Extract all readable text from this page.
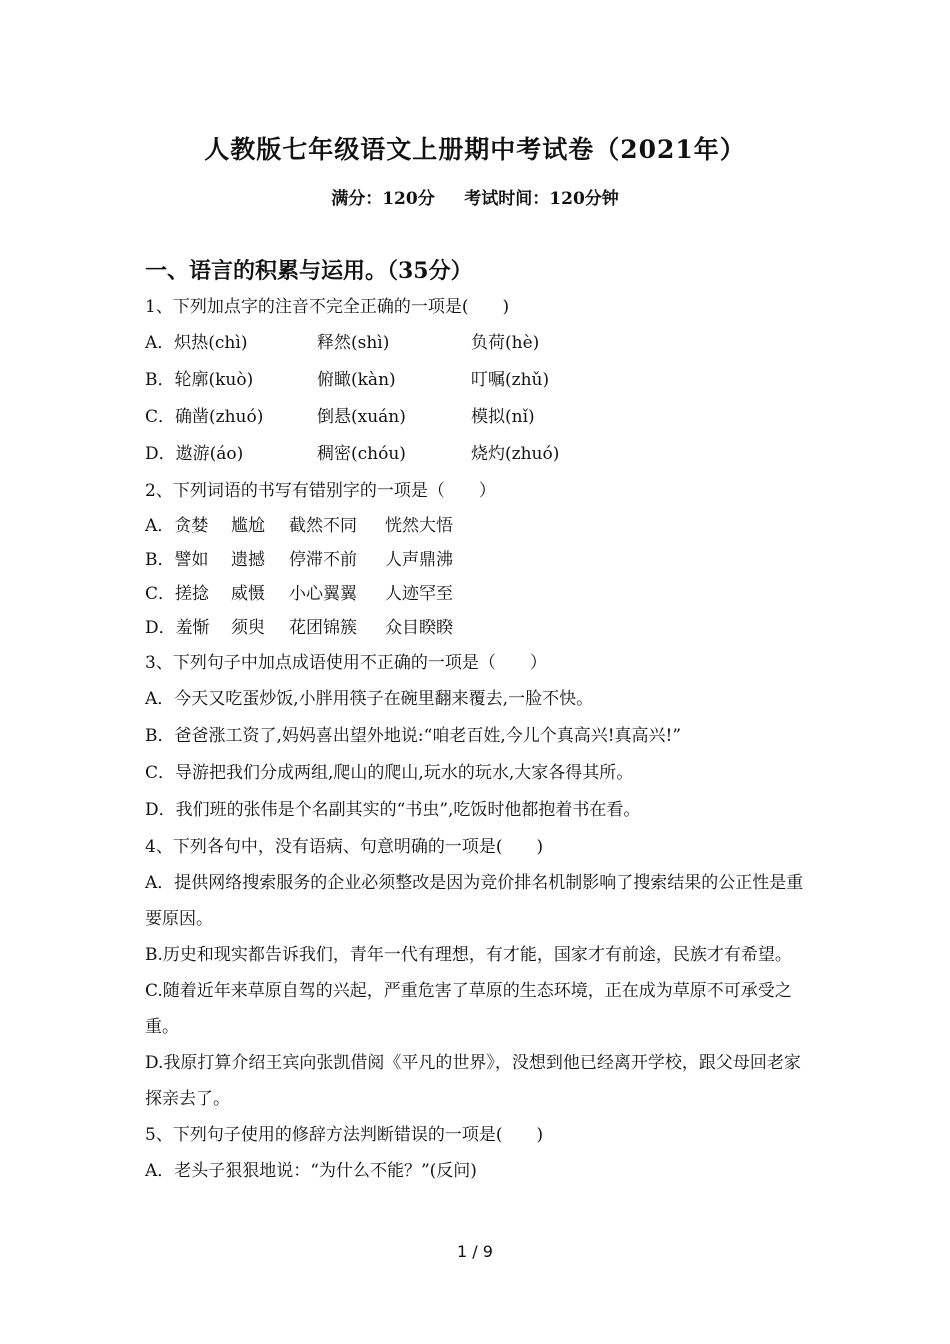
人教版七年级语文上册期中考试卷（2021年）
满分：120分     考试时间：120分钟
一、语言的积累与运用。（35分）
1、下列加点字的注音不完全正确的一项是(　　)
A．炽热(chì)	释然(shì)	负荷(hè)
B．轮廓(kuò)	俯瞰(kàn)	叮嘱(zhǔ)
C．确凿(zhuó)	倒悬(xuán)	模拟(nǐ)
D．遨游(áo)	稠密(chóu)	烧灼(zhuó)
2、下列词语的书写有错别字的一项是（　　）
A．贪婪 尴尬 截然不同 恍然大悟
B．譬如 遗撼 停滞不前 人声鼎沸
C．搓捻 威慑 小心翼翼 人迹罕至
D．羞惭 须臾 花团锦簇 众目睽睽
3、下列句子中加点成语使用不正确的一项是（　　）
A．今天又吃蛋炒饭,小胖用筷子在碗里翻来覆去,一脸不快。
B．爸爸涨工资了,妈妈喜出望外地说:“咱老百姓,今儿个真高兴!真高兴!”
C．导游把我们分成两组,爬山的爬山,玩水的玩水,大家各得其所。
D．我们班的张伟是个名副其实的“书虫”,吃饭时他都抱着书在看。
4、下列各句中，没有语病、句意明确的一项是(　　)
A．提供网络搜索服务的企业必须整改是因为竞价排名机制影响了搜索结果的公正性是重要原因。
B.历史和现实都告诉我们，青年一代有理想，有才能，国家才有前途，民族才有希望。
C.随着近年来草原自驾的兴起，严重危害了草原的生态环境，正在成为草原不可承受之重。
D.我原打算介绍王宾向张凯借阅《平凡的世界》，没想到他已经离开学校，跟父母回老家探亲去了。
5、下列句子使用的修辞方法判断错误的一项是(　　)
A．老头子狠狠地说：“为什么不能？”(反问)
1 / 9
